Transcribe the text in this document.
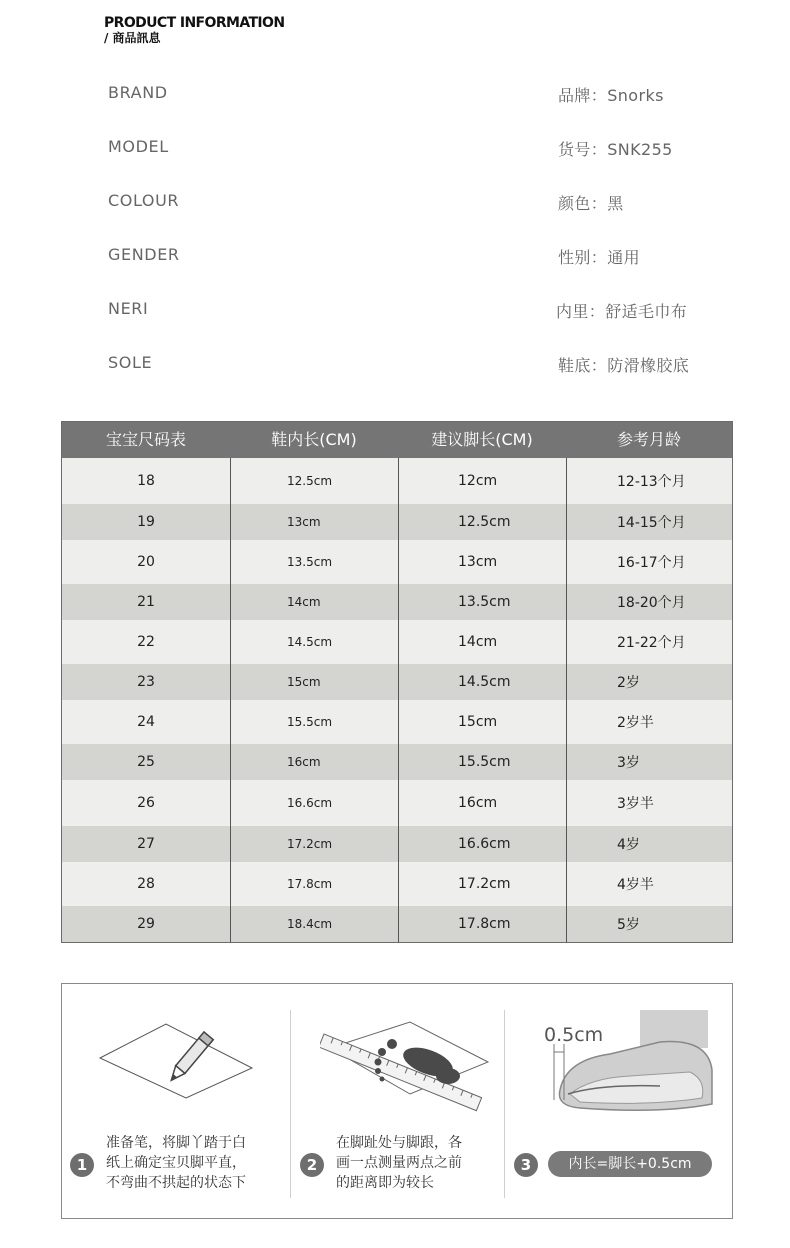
PRODUCT INFORMATION
/ 商品訊息
BRAND	品牌：Snorks
MODEL	货号：SNK255
COLOUR	颜色：黑
GENDER	性别：通用
NERI	内里：舒适毛巾布
SOLE	鞋底：防滑橡胶底
宝宝尺码表	鞋内长(CM)	建议脚长(CM)	参考月龄
18	12.5cm	12cm	12-13个月
19	13cm	12.5cm	14-15个月
20	13.5cm	13cm	16-17个月
21	14cm	13.5cm	18-20个月
22	14.5cm	14cm	21-22个月
23	15cm	14.5cm	2岁
24	15.5cm	15cm	2岁半
25	16cm	15.5cm	3岁
26	16.6cm	16cm	3岁半
27	17.2cm	16.6cm	4岁
28	17.8cm	17.2cm	4岁半
29	18.4cm	17.8cm	5岁
0.5cm
1
准备笔，将脚丫踏于白
纸上确定宝贝脚平直，
不弯曲不拱起的状态下
2
在脚趾处与脚跟，各
画一点测量两点之前
的距离即为较长
3	内长=脚长+0.5cm
